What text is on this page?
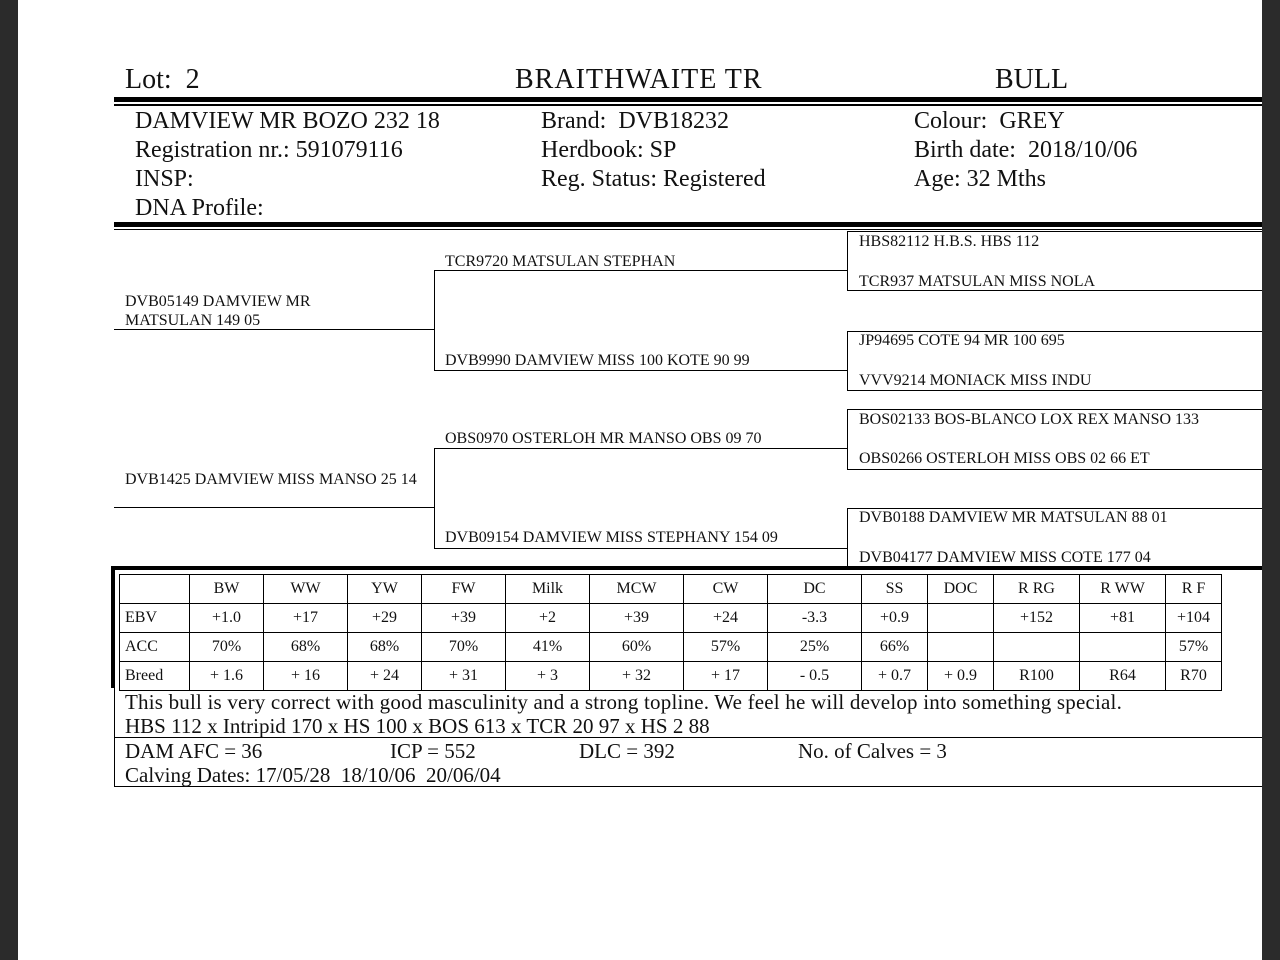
Lot: 2	BRAITHWAITE TR	BULL
DAMVIEW MR BOZO 232 18
Registration nr.: 591079116
INSP:
DNA Profile:
Brand: DVB18232
Herdbook: SP
Reg. Status: Registered
Colour: GREY
Birth date: 2018/10/06
Age: 32 Mths
DVB05149 DAMVIEW MR MATSULAN 149 05
DVB1425 DAMVIEW MISS MANSO 25 14
TCR9720 MATSULAN STEPHAN
DVB9990 DAMVIEW MISS 100 KOTE 90 99
OBS0970 OSTERLOH MR MANSO OBS 09 70
DVB09154 DAMVIEW MISS STEPHANY 154 09
HBS82112 H.B.S. HBS 112
TCR937 MATSULAN MISS NOLA
JP94695 COTE 94 MR 100 695
VVV9214 MONIACK MISS INDU
BOS02133 BOS-BLANCO LOX REX MANSO 133
OBS0266 OSTERLOH MISS OBS 02 66 ET
DVB0188 DAMVIEW MR MATSULAN 88 01
DVB04177 DAMVIEW MISS COTE 177 04
	BW	WW	YW	FW	Milk	MCW	CW	DC	SS	DOC	R RG	R WW	R F
EBV	+1.0	+17	+29	+39	+2	+39	+24	-3.3	+0.9		+152	+81	+104
ACC	70%	68%	68%	70%	41%	60%	57%	25%	66%				57%
Breed	+ 1.6	+ 16	+ 24	+ 31	+ 3	+ 32	+ 17	- 0.5	+ 0.7	+ 0.9	R100	R64	R70
This bull is very correct with good masculinity and a strong topline. We feel he will develop into something special.
HBS 112 x Intripid 170 x HS 100 x BOS 613 x TCR 20 97 x HS 2 88
DAM AFC = 36	ICP = 552	DLC = 392	No. of Calves = 3
Calving Dates: 17/05/28  18/10/06  20/06/04
